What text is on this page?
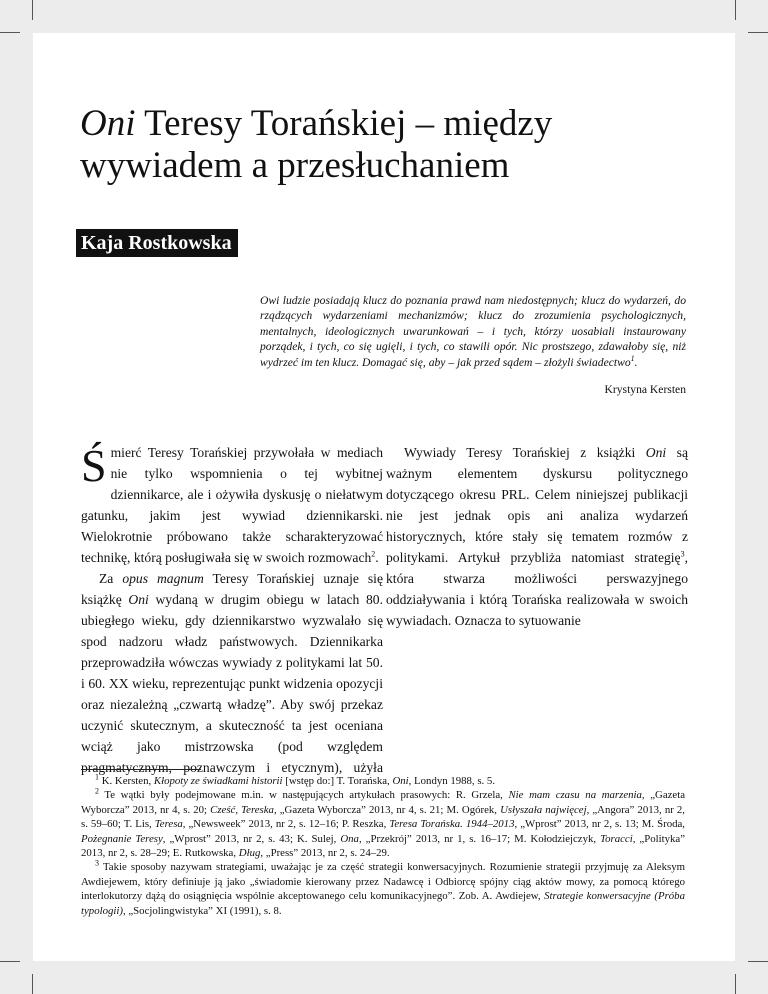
Oni Teresy Torańskiej – między wywiadem a przesłuchaniem
Kaja Rostkowska
Owi ludzie posiadają klucz do poznania prawd nam niedostępnych; klucz do wydarzeń, do rządzących wydarzeniami mechanizmów; klucz do zrozumienia psychologicznych, mentalnych, ideologicznych uwarunkowań – i tych, którzy uosabiali instaurowany porządek, i tych, co się ugięli, i tych, co stawili opór. Nic prostszego, zdawałoby się, niż wydrzeć im ten klucz. Domagać się, aby – jak przed sądem – złożyli świadectwo$^1$.
Krystyna Kersten

Śmierć Teresy Torańskiej przywołała w mediach nie tylko wspomnienia o tej wybitnej dziennikarce, ale i ożywiła dyskusję o niełatwym gatunku, jakim jest wywiad dziennikarski. Wielokrotnie próbowano także scharakteryzować technikę, którą posługiwała się w swoich rozmowach$^2$.

Za opus magnum Teresy Torańskiej uznaje się książkę Oni wydaną w drugim obiegu w latach 80. ubiegłego wieku, gdy dziennikarstwo wyzwalało się spod nadzoru władz państwowych. Dziennikarka przeprowadziła wówczas wywiady z politykami lat 50. i 60. XX wieku, reprezentując punkt widzenia opozycji oraz niezależną „czwartą władzę”. Aby swój przekaz uczynić skutecznym, a skuteczność ta jest oceniana wciąż jako mistrzowska (pod względem pragmatycznym, poznawczym i etycznym), użyła

Wywiady Teresy Torańskiej z książki Oni są ważnym elementem dyskursu politycznego dotyczącego okresu PRL. Celem niniejszej publikacji nie jest jednak opis ani analiza wydarzeń historycznych, które stały się tematem rozmów z politykami. Artykuł przybliża natomiast strategię$^3$, która stwarza możliwości perswazyjnego oddziaływania i którą Torańska realizowała w swoich wywiadach. Oznacza to sytuowanie

$^1$ K. Kersten, Kłopoty ze świadkami historii [wstęp do:] T. Torańska, Oni, Londyn 1988, s. 5.

$^2$ Te wątki były podejmowane m.in. w następujących artykułach prasowych: R. Grzela, Nie mam czasu na marzenia, „Gazeta Wyborcza” 2013, nr 4, s. 20; Cześć, Tereska, „Gazeta Wyborcza” 2013, nr 4, s. 21; M. Ogórek, Usłyszała najwięcej, „Angora” 2013, nr 2, s. 59–60; T. Lis, Teresa, „Newsweek” 2013, nr 2, s. 12–16; P. Reszka, Teresa Torańska. 1944–2013, „Wprost” 2013, nr 2, s. 13; M. Środa, Pożegnanie Teresy, „Wprost” 2013, nr 2, s. 43; K. Sulej, Ona, „Przekrój” 2013, nr 1, s. 16–17; M. Kołodziejczyk, Toracci, „Polityka” 2013, nr 2, s. 28–29; E. Rutkowska, Dług, „Press” 2013, nr 2, s. 24–29.

$^3$ Takie sposoby nazywam strategiami, uważając je za część strategii konwersacyjnych. Rozumienie strategii przyjmuję za Aleksym Awdiejewem, który definiuje ją jako „świadomie kierowany przez Nadawcę i Odbiorcę spójny ciąg aktów mowy, za pomocą którego interlokutorzy dążą do osiągnięcia wspólnie akceptowanego celu komunikacyjnego”. Zob. A. Awdiejew, Strategie konwersacyjne (Próba typologii), „Socjolingwistyka” XI (1991), s. 8.
